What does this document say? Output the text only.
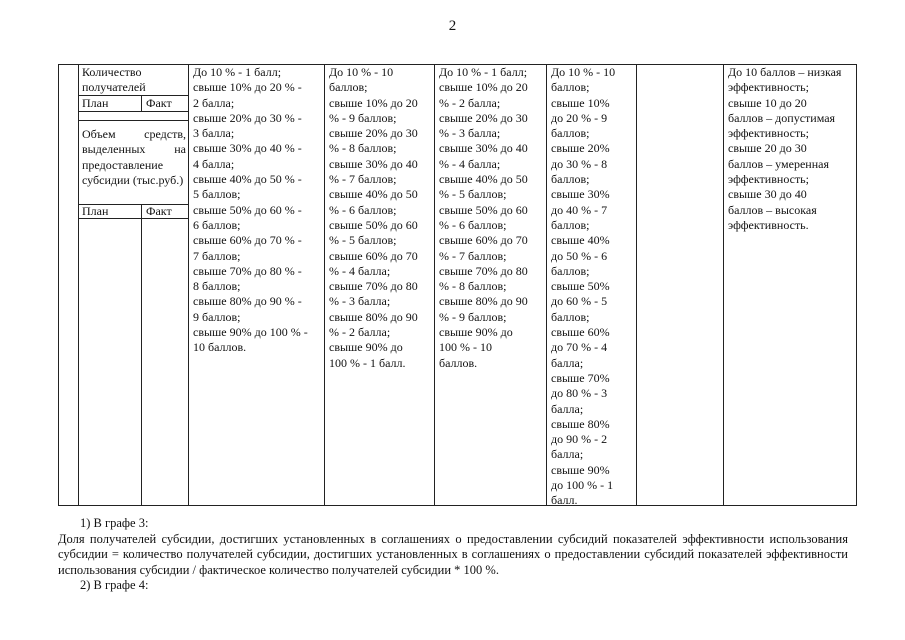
2
Количество получателей
План	Факт
Объем средств, выделенных на предоставление субсидии (тыс.руб.)
План	Факт
До 10 % - 1 балл;
свыше 10% до 20 % -
2 балла;
свыше 20% до 30 % -
3 балла;
свыше 30% до 40 % -
4 балла;
свыше 40% до 50 % -
5 баллов;
свыше 50% до 60 % -
6 баллов;
свыше 60% до 70 % -
7 баллов;
свыше 70% до 80 % -
8 баллов;
свыше 80% до 90 % -
9 баллов;
свыше 90% до 100 % -
10 баллов.
До 10 % - 10
баллов;
свыше 10% до 20
% - 9 баллов;
свыше 20% до 30
% - 8 баллов;
свыше 30% до 40
% - 7 баллов;
свыше 40% до 50
% - 6 баллов;
свыше 50% до 60
% - 5 баллов;
свыше 60% до 70
% - 4 балла;
свыше 70% до 80
% - 3 балла;
свыше 80% до 90
% - 2 балла;
свыше 90% до
100 % - 1 балл.
До 10 % - 1 балл;
свыше 10% до 20
% - 2 балла;
свыше 20% до 30
% - 3 балла;
свыше 30% до 40
% - 4 балла;
свыше 40% до 50
% - 5 баллов;
свыше 50% до 60
% - 6 баллов;
свыше 60% до 70
% - 7 баллов;
свыше 70% до 80
% - 8 баллов;
свыше 80% до 90
% - 9 баллов;
свыше 90% до
100 % - 10
баллов.
До 10 % - 10
баллов;
свыше 10%
до 20 % - 9
баллов;
свыше 20%
до 30 % - 8
баллов;
свыше 30%
до 40 % - 7
баллов;
свыше 40%
до 50 % - 6
баллов;
свыше 50%
до 60 % - 5
баллов;
свыше 60%
до 70 % - 4
балла;
свыше 70%
до 80 % - 3
балла;
свыше 80%
до 90 % - 2
балла;
свыше 90%
до 100 % - 1
балл.
До 10 баллов – низкая
эффективность;
свыше 10 до 20
баллов – допустимая
эффективность;
свыше 20 до 30
баллов – умеренная
эффективность;
свыше 30 до 40
баллов – высокая
эффективность.
1) В графе 3:
Доля получателей субсидии, достигших установленных в соглашениях о предоставлении субсидий показателей эффективности использования субсидии = количество получателей субсидии, достигших установленных в соглашениях о предоставлении субсидий показателей эффективности использования субсидии / фактическое количество получателей субсидии * 100 %.
2) В графе 4:
